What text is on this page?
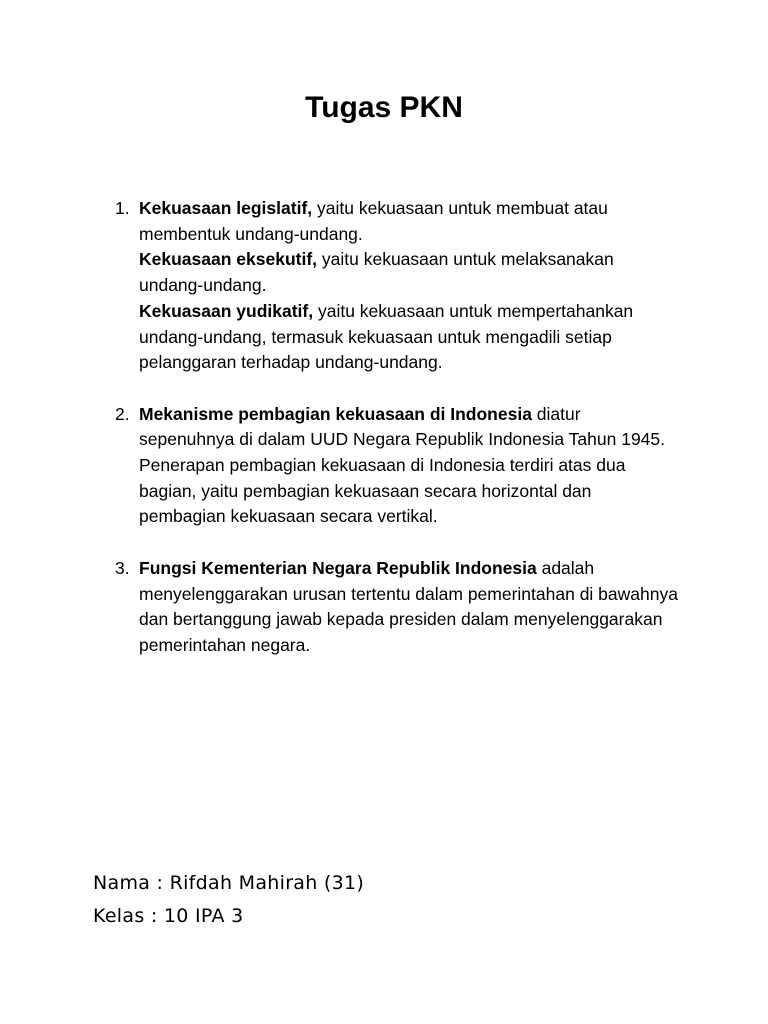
Tugas PKN
1. Kekuasaan legislatif, yaitu kekuasaan untuk membuat atau membentuk undang-undang.

Kekuasaan eksekutif, yaitu kekuasaan untuk melaksanakan undang-undang.

Kekuasaan yudikatif, yaitu kekuasaan untuk mempertahankan undang-undang, termasuk kekuasaan untuk mengadili setiap pelanggaran terhadap undang-undang.

2. Mekanisme pembagian kekuasaan di Indonesia diatur sepenuhnya di dalam UUD Negara Republik Indonesia Tahun 1945. Penerapan pembagian kekuasaan di Indonesia terdiri atas dua bagian, yaitu pembagian kekuasaan secara horizontal dan pembagian kekuasaan secara vertikal.

3. Fungsi Kementerian Negara Republik Indonesia adalah menyelenggarakan urusan tertentu dalam pemerintahan di bawahnya dan bertanggung jawab kepada presiden dalam menyelenggarakan pemerintahan negara.

Nama : Rifdah Mahirah (31)

Kelas : 10 IPA 3
